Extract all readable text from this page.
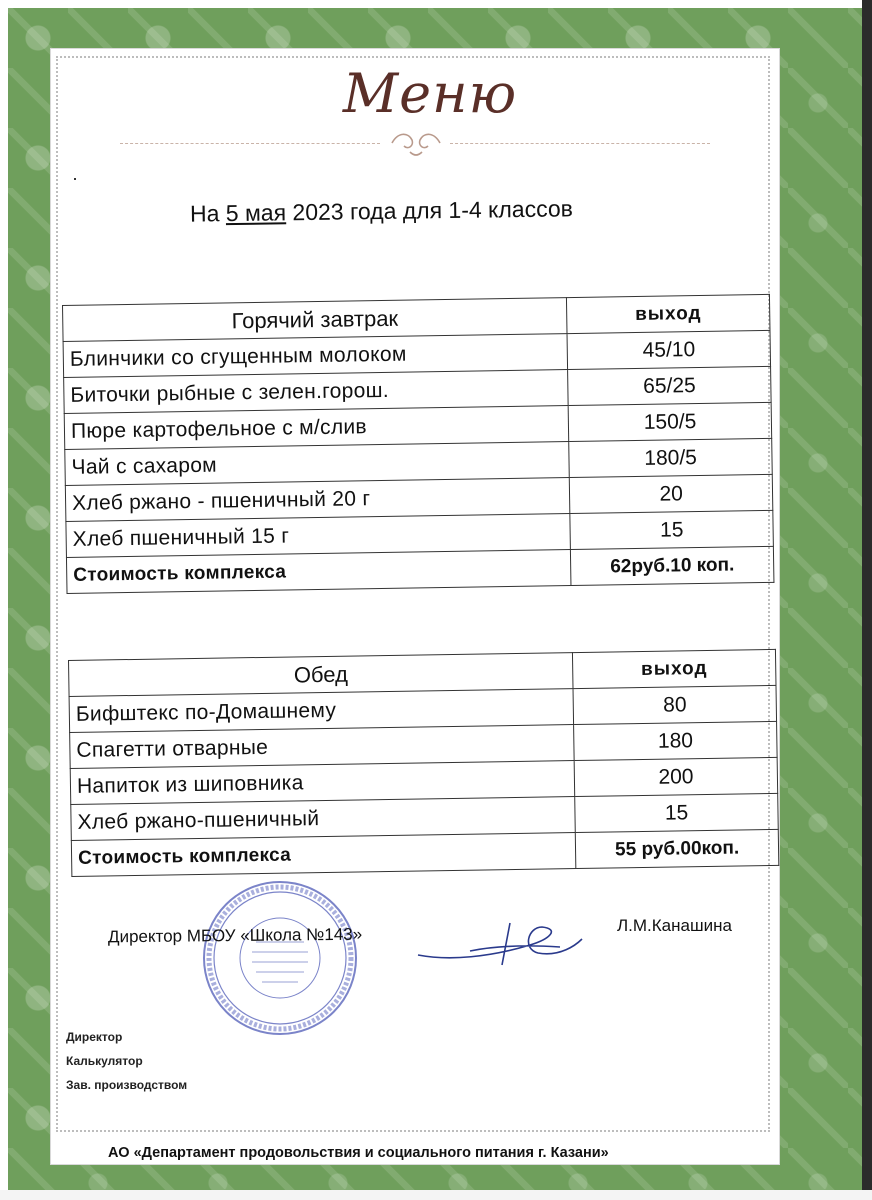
Меню
На 5 мая 2023 года для 1-4 классов
Горячий завтрак	выход
Блинчики со сгущенным молоком	45/10
Биточки рыбные с зелен.горош.	65/25
Пюре картофельное с м/слив	150/5
Чай с сахаром	180/5
Хлеб ржано - пшеничный 20 г	20
Хлеб пшеничный 15 г	15
Стоимость комплекса	62руб.10 коп.
Обед	выход
Бифштекс по-Домашнему	80
Спагетти отварные	180
Напиток из шиповника	200
Хлеб ржано-пшеничный	15
Стоимость комплекса	55 руб.00коп.
Директор МБОУ «Школа №143»	Л.М.Канашина
Директор
Калькулятор
Зав. производством
АО «Департамент продовольствия и социального питания г. Казани»
